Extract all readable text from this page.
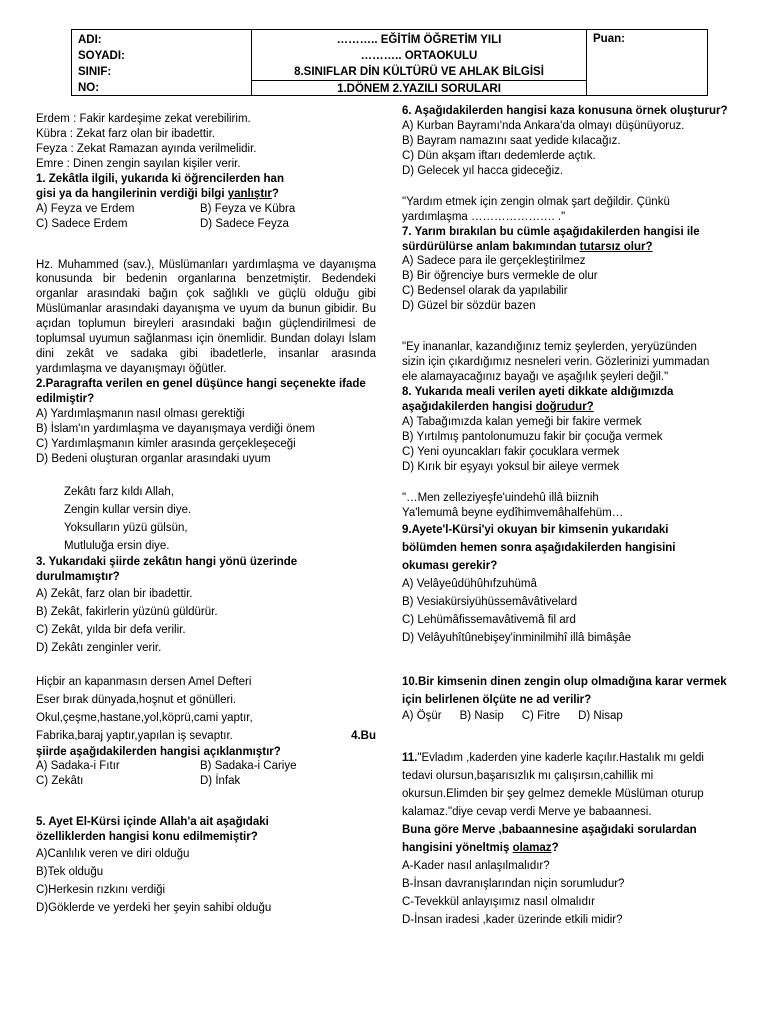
ADI:
SOYADI:
SINIF:
NO:
……….. EĞİTİM ÖĞRETİM YILI
……….. ORTAOKULU
8.SINIFLAR DİN KÜLTÜRÜ VE AHLAK BİLGİSİ
1.DÖNEM 2.YAZILI SORULARI
Puan:
Erdem : Fakir kardeşime zekat verebilirim.
Kübra : Zekat farz olan bir ibadettir.
Feyza : Zekat Ramazan ayında verilmelidir.
Emre : Dinen zengin sayılan kişiler verir.
1. Zekâtla ilgili, yukarıda ki öğrencilerden han
gisi ya da hangilerinin verdiği bilgi yanlıştır?
A) Feyza ve Erdem	B) Feyza ve Kübra
C) Sadece Erdem	D) Sadece Feyza
Hz. Muhammed (sav.), Müslümanları yardımlaşma ve dayanışma konusunda bir bedenin organlarına benzetmiştir. Bedendeki organlar arasındaki bağın çok sağlıklı ve güçlü olduğu gibi Müslümanlar arasındaki dayanışma ve uyum da bunun gibidir. Bu açıdan toplumun bireyleri arasındaki bağın güçlendirilmesi de toplumsal uyumun sağlanması için önemlidir. Bundan dolayı İslam dini zekât ve sadaka gibi ibadetlerle, insanlar arasında yardımlaşma ve dayanışmayı öğütler.
2.Paragrafta verilen en genel düşünce hangi seçenekte ifade edilmiştir?
A) Yardımlaşmanın nasıl olması gerektiği
B) İslam'ın yardımlaşma ve dayanışmaya verdiği önem
C) Yardımlaşmanın kimler arasında gerçekleşeceği
D) Bedeni oluşturan organlar arasındaki uyum
Zekâtı farz kıldı Allah,
Zengin kullar versin diye.
Yoksulların yüzü gülsün,
Mutluluğa ersin diye.
3. Yukarıdaki şiirde zekâtın hangi yönü üzerinde
durulmamıştır?
A) Zekât, farz olan bir ibadettir.
B) Zekât, fakirlerin yüzünü güldürür.
C) Zekât, yılda bir defa verilir.
D) Zekâtı zenginler verir.
Hiçbir an kapanmasın dersen Amel Defteri
Eser bırak dünyada,hoşnut et gönülleri.
Okul,çeşme,hastane,yol,köprü,cami yaptır,
Fabrika,baraj yaptır,yapılan iş sevaptır.	4.Bu
şiirde aşağıdakilerden hangisi açıklanmıştır?
A) Sadaka-i Fıtır	B) Sadaka-i Cariye
C) Zekâtı	D) İnfak
5. Ayet El-Kürsi içinde Allah'a ait aşağıdaki
özelliklerden hangisi konu edilmemiştir?
A)Canlılık veren ve diri olduğu
B)Tek olduğu
C)Herkesin rızkını verdiği
D)Göklerde ve yerdeki her şeyin sahibi olduğu
6. Aşağıdakilerden hangisi kaza konusuna örnek oluşturur?
A) Kurban Bayramı'nda Ankara'da olmayı düşünüyoruz.
B) Bayram namazını saat yedide kılacağız.
C) Dün akşam iftarı dedemlerde açtık.
D) Gelecek yıl hacca gideceğiz.
"Yardım etmek için zengin olmak şart değildir. Çünkü
yardımlaşma …………………. ."
7. Yarım bırakılan bu cümle aşağıdakilerden hangisi ile
sürdürülürse anlam bakımından tutarsız olur?
A) Sadece para ile gerçekleştirilmez
B) Bir öğrenciye burs vermekle de olur
C) Bedensel olarak da yapılabilir
D) Güzel bir sözdür bazen
"Ey inananlar, kazandığınız temiz şeylerden, yeryüzünden
sizin için çıkardığımız nesneleri verin. Gözlerinizi yummadan
ele alamayacağınız bayağı ve aşağılık şeyleri değil."
8. Yukarıda meali verilen ayeti dikkate aldığımızda
aşağıdakilerden hangisi doğrudur?
A) Tabağımızda kalan yemeği bir fakire vermek
B) Yırtılmış pantolonumuzu fakir bir çocuğa vermek
C) Yeni oyuncakları fakir çocuklara vermek
D) Kırık bir eşyayı yoksul bir aileye vermek
"…Men zelleziyeşfe'uindehû illâ biiznih
Ya'lemumâ beyne eydîhimvemâhalfehüm…
9.Ayete'l-Kürsi'yi okuyan bir kimsenin yukarıdaki
bölümden hemen sonra aşağıdakilerden hangisini
okuması gerekir?
A) Velâyeûdühûhıfzuhümâ
B) Vesiakürsiyühüssemâvâtivelard
C) Lehümâfissemavâtivemâ fil ard
D) Velâyuhîtûnebişey'inminilmihî illâ bimâşâe
10.Bir kimsenin dinen zengin olup olmadığına karar vermek
için belirlenen ölçüte ne ad verilir?
A) Öşür B) Nasip C) Fitre D) Nisap
11."Evladım ,kaderden yine kaderle kaçılır.Hastalık mı geldi
tedavi olursun,başarısızlık mı çalışırsın,cahillik mi
okursun.Elimden bir şey gelmez demekle Müslüman oturup
kalamaz."diye cevap verdi Merve ye babaannesi.
Buna göre Merve ,babaannesine aşağıdaki sorulardan
hangisini yöneltmiş olamaz?
A-Kader nasıl anlaşılmalıdır?
B-İnsan davranışlarından niçin sorumludur?
C-Tevekkül anlayışımız nasıl olmalıdır
D-İnsan iradesi ,kader üzerinde etkili midir?
